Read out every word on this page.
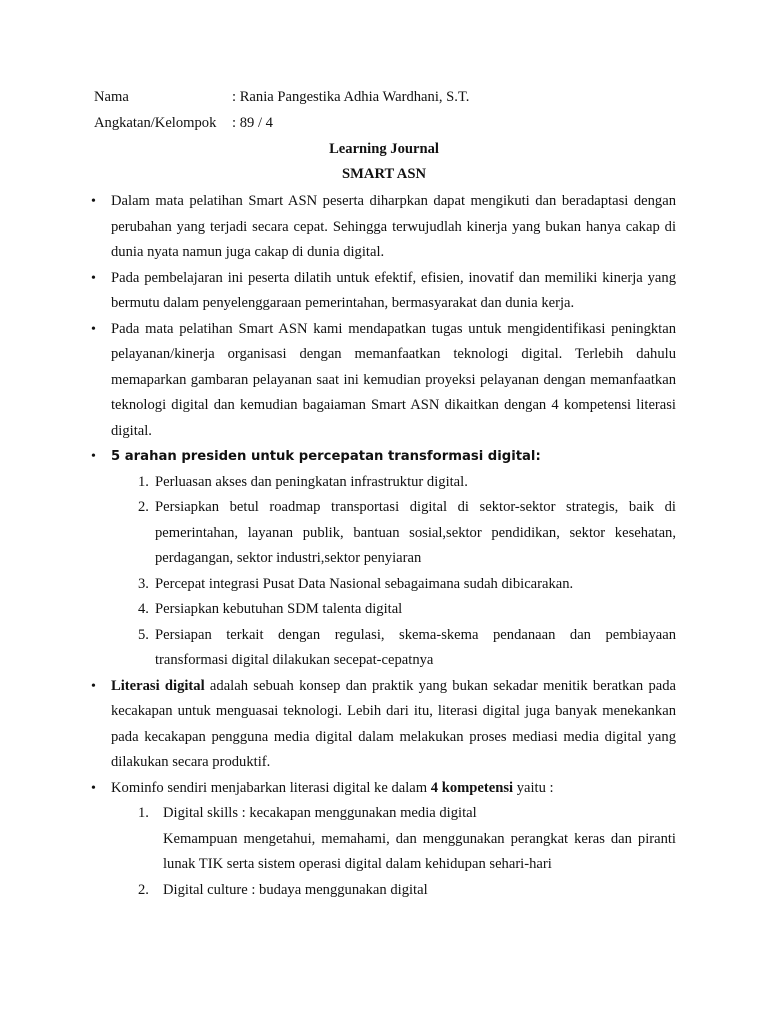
Nama	: Rania Pangestika Adhia Wardhani, S.T.
Angkatan/Kelompok : 89 / 4
Learning Journal
SMART ASN

• Dalam mata pelatihan Smart ASN peserta diharpkan dapat mengikuti dan beradaptasi dengan perubahan yang terjadi secara cepat. Sehingga terwujudlah kinerja yang bukan hanya cakap di dunia nyata namun juga cakap di dunia digital.

• Pada pembelajaran ini peserta dilatih untuk efektif, efisien, inovatif dan memiliki kinerja yang bermutu dalam penyelenggaraan pemerintahan, bermasyarakat dan dunia kerja.

• Pada mata pelatihan Smart ASN kami mendapatkan tugas untuk mengidentifikasi peningktan pelayanan/kinerja organisasi dengan memanfaatkan teknologi digital. Terlebih dahulu memaparkan gambaran pelayanan saat ini kemudian proyeksi pelayanan dengan memanfaatkan teknologi digital dan kemudian bagaiaman Smart ASN dikaitkan dengan 4 kompetensi literasi digital.

• 5 arahan presiden untuk percepatan transformasi digital:

1. Perluasan akses dan peningkatan infrastruktur digital.
2. Persiapkan betul roadmap transportasi digital di sektor-sektor strategis, baik di pemerintahan, layanan publik, bantuan sosial,sektor pendidikan, sektor kesehatan, perdagangan, sektor industri,sektor penyiaran
3. Percepat integrasi Pusat Data Nasional sebagaimana sudah dibicarakan.
4. Persiapkan kebutuhan SDM talenta digital
5. Persiapan terkait dengan regulasi, skema-skema pendanaan dan pembiayaan transformasi digital dilakukan secepat-cepatnya

• Literasi digital adalah sebuah konsep dan praktik yang bukan sekadar menitik beratkan pada kecakapan untuk menguasai teknologi. Lebih dari itu, literasi digital juga banyak menekankan pada kecakapan pengguna media digital dalam melakukan proses mediasi media digital yang dilakukan secara produktif.

• Kominfo sendiri menjabarkan literasi digital ke dalam 4 kompetensi yaitu :

1. Digital skills : kecakapan menggunakan media digital
Kemampuan mengetahui, memahami, dan menggunakan perangkat keras dan piranti lunak TIK serta sistem operasi digital dalam kehidupan sehari-hari
2. Digital culture : budaya menggunakan digital
